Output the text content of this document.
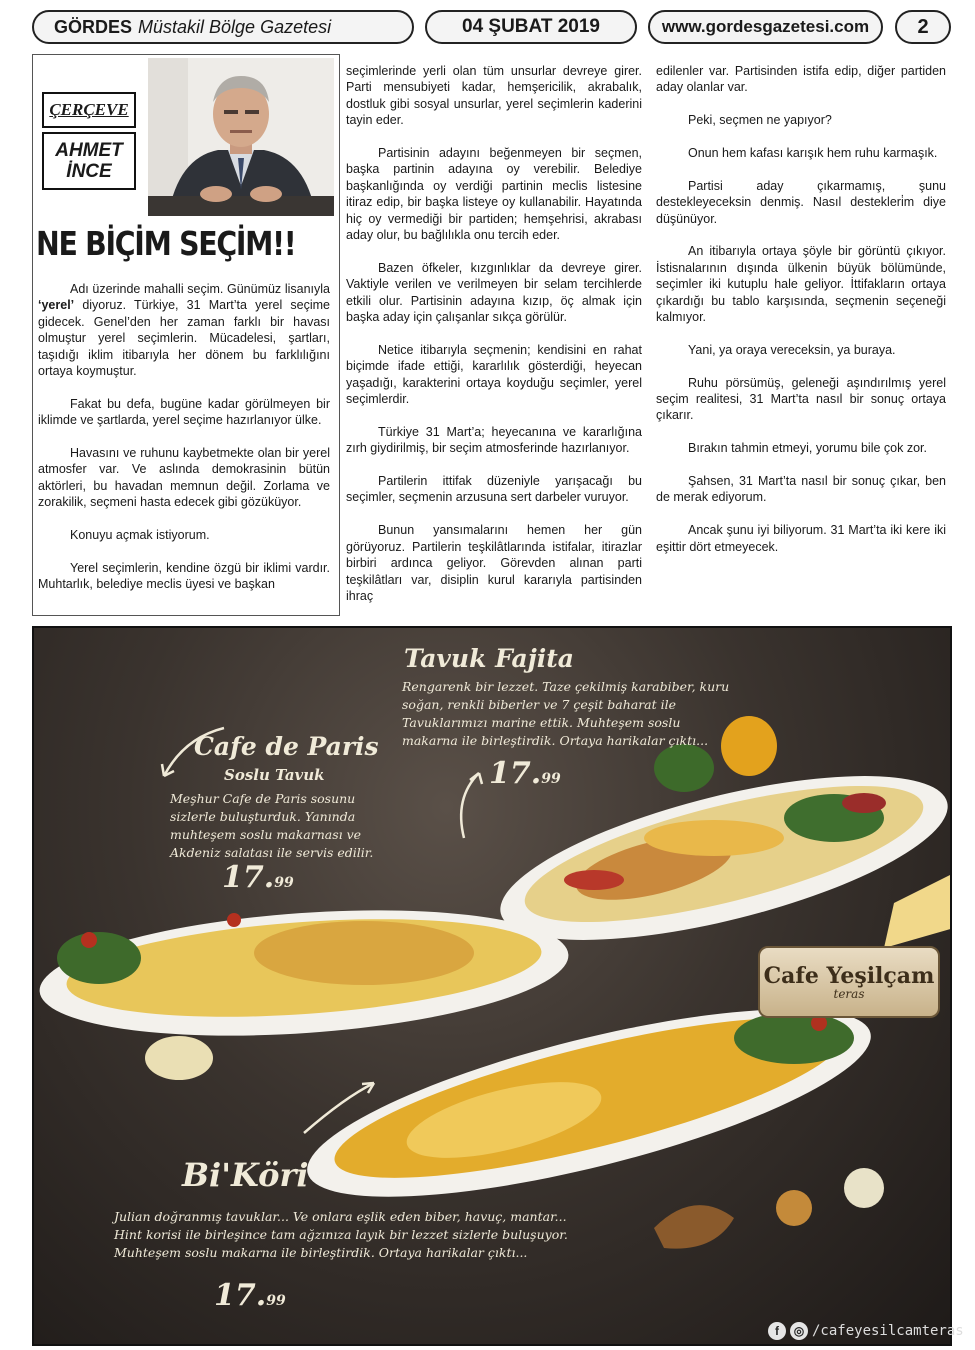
GÖRDES Müstakil Bölge Gazetesi	04 ŞUBAT 2019	www.gordesgazetesi.com	2
ÇERÇEVE
AHMET
İNCE
NE BİÇİM SEÇİM!!

Adı üzerinde mahalli seçim. Günümüz lisanıyla ‘yerel’ diyoruz. Türkiye, 31 Mart’ta yerel seçime gidecek. Genel’den her zaman farklı bir havası olmuştur yerel seçimlerin. Mücadelesi, şartları, taşıdığı iklim itibarıyla her dönem bu farklılığını ortaya koymuştur.

Fakat bu defa, bugüne kadar görülmeyen bir iklimde ve şartlarda, yerel seçime hazırlanıyor ülke.

Havasını ve ruhunu kaybetmekte olan bir yerel atmosfer var. Ve aslında demokrasinin bütün aktörleri, bu havadan memnun değil. Zorlama ve zorakilik, seçmeni hasta edecek gibi gözüküyor.

Konuyu açmak istiyorum.

Yerel seçimlerin, kendine özgü bir iklimi vardır. Muhtarlık, belediye meclis üyesi ve başkan

seçimlerinde yerli olan tüm unsurlar devreye girer. Parti mensubiyeti kadar, hemşericilik, akrabalık, dostluk gibi sosyal unsurlar, yerel seçimlerin kaderini tayin eder.

Partisinin adayını beğenmeyen bir seçmen, başka partinin adayına oy verebilir. Belediye başkanlığında oy verdiği partinin meclis listesine itiraz edip, bir başka listeye oy kullanabilir. Hayatında hiç oy vermediği bir partiden; hemşehrisi, akrabası aday olur, bu bağlılıkla onu tercih eder.

Bazen öfkeler, kızgınlıklar da devreye girer. Vaktiyle verilen ve verilmeyen bir selam tercihlerde etkili olur. Partisinin adayına kızıp, öç almak için başka aday için çalışanlar sıkça görülür.

Netice itibarıyla seçmenin; kendisini en rahat biçimde ifade ettiği, kararlılık gösterdiği, heyecan yaşadığı, karakterini ortaya koyduğu seçimler, yerel seçimlerdir.

Türkiye 31 Mart’a; heyecanına ve kararlığına zırh giydirilmiş, bir seçim atmosferinde hazırlanıyor.

Partilerin ittifak düzeniyle yarışacağı bu seçimler, seçmenin arzusuna sert darbeler vuruyor.

Bunun yansımalarını hemen her gün görüyoruz. Partilerin teşkilâtlarında istifalar, itirazlar birbiri ardınca geliyor. Görevden alınan parti teşkilâtları var, disiplin kurul kararıyla partisinden ihraç

edilenler var. Partisinden istifa edip, diğer partiden aday olanlar var.

Peki, seçmen ne yapıyor?

Onun hem kafası karışık hem ruhu karmaşık.

Partisi aday çıkarmamış, şunu destekleyeceksin denmiş. Nasıl destekleri̇m diye düşünüyor.

An itibarıyla ortaya şöyle bir görüntü çıkıyor. İstisnalarının dışında ülkenin büyük bölümünde, seçimler iki kutuplu hale geliyor. İttifakların ortaya çıkardığı bu tablo karşısında, seçmenin seçeneği kalmıyor.

Yani, ya oraya vereceksin, ya buraya.

Ruhu pörsümüş, geleneği aşındırılmış yerel seçim realitesi, 31 Mart’ta nasıl bir sonuç ortaya çıkarır.

Bırakın tahmin etmeyi, yorumu bile çok zor.

Şahsen, 31 Mart’ta nasıl bir sonuç çıkar, ben de merak ediyorum.

Ancak şunu iyi biliyorum. 31 Mart’ta iki kere iki eşittir dört etmeyecek.

Tavuk Fajita
Rengarenk bir lezzet. Taze çekilmiş karabiber, kuru soğan, renkli biberler ve 7 çeşit baharat ile Tavuklarımızı marine ettik. Muhteşem soslu makarna ile birleştirdik. Ortaya harikalar çıktı...
17.99
Cafe de Paris
Soslu Tavuk
Meşhur Cafe de Paris sosunu sizlerle buluşturduk. Yanında muhteşem soslu makarnası ve Akdeniz salatası ile servis edilir.
17.99
Bi'Köri
Julian doğranmış tavuklar... Ve onlara eşlik eden biber, havuç, mantar... Hint korisi ile birleşince tam ağzınıza layık bir lezzet sizlerle buluşuyor. Muhteşem soslu makarna ile birleştirdik. Ortaya harikalar çıktı...
17.99
Cafe Yeşilçam
teras
f	◎ /cafeyesilcamteras
